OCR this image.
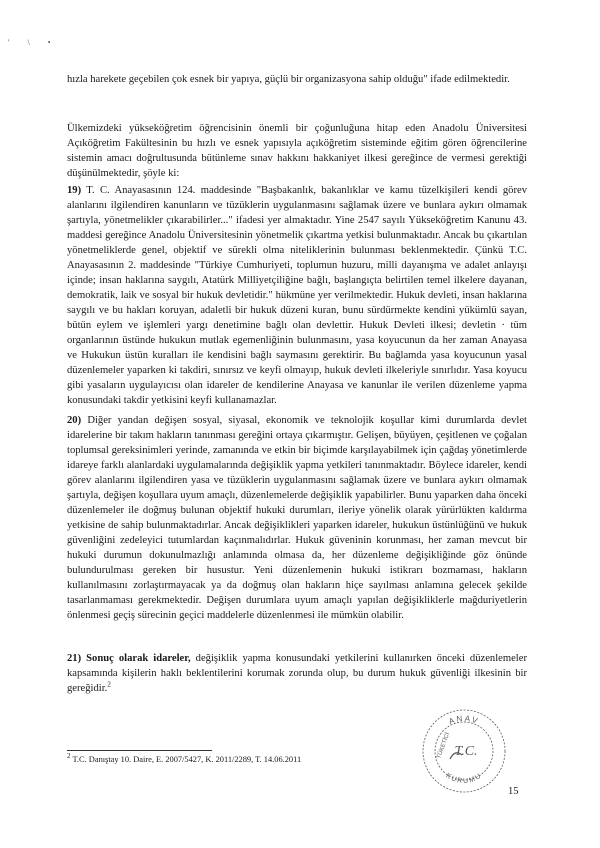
' \ •
hızla harekete geçebilen çok esnek bir yapıya, güçlü bir organizasyona sahip olduğu" ifade edilmektedir.
Ülkemizdeki yükseköğretim öğrencisinin önemli bir çoğunluğuna hitap eden Anadolu Üniversitesi Açıköğretim Fakültesinin bu hızlı ve esnek yapısıyla açıköğretim sisteminde eğitim gören öğrencilerine sistemin amacı doğrultusunda bütünleme sınav hakkını hakkaniyet ilkesi gereğince de vermesi gerektiği düşünülmektedir, şöyle ki:
19) T. C. Anayasasının 124. maddesinde "Başbakanlık, bakanlıklar ve kamu tüzelkişileri kendi görev alanlarını ilgilendiren kanunların ve tüzüklerin uygulanmasını sağlamak üzere ve bunlara aykırı olmamak şartıyla, yönetmelikler çıkarabilirler..." ifadesi yer almaktadır. Yine 2547 sayılı Yükseköğretim Kanunu 43. maddesi gereğince Anadolu Üniversitesinin yönetmelik çıkartma yetkisi bulunmaktadır. Ancak bu çıkartılan yönetmeliklerde genel, objektif ve sürekli olma niteliklerinin bulunması beklenmektedir. Çünkü T.C. Anayasasının 2. maddesinde "Türkiye Cumhuriyeti, toplumun huzuru, milli dayanışma ve adalet anlayışı içinde; insan haklarına saygılı, Atatürk Milliyetçiliğine bağlı, başlangıçta belirtilen temel ilkelere dayanan, demokratik, laik ve sosyal bir hukuk devletidir." hükmüne yer verilmektedir. Hukuk devleti, insan haklarına saygılı ve bu hakları koruyan, adaletli bir hukuk düzeni kuran, bunu sürdürmekte kendini yükümlü sayan, bütün eylem ve işlemleri yargı denetimine bağlı olan devlettir. Hukuk Devleti ilkesi; devletin · tüm organlarının üstünde hukukun mutlak egemenliğinin bulunmasını, yasa koyucunun da her zaman Anayasa ve Hukukun üstün kuralları ile kendisini bağlı saymasını gerektirir. Bu bağlamda yasa koyucunun yasal düzenlemeler yaparken ki takdiri, sınırsız ve keyfi olmayıp, hukuk devleti ilkeleriyle sınırlıdır. Yasa koyucu gibi yasaların uygulayıcısı olan idareler de kendilerine Anayasa ve kanunlar ile verilen düzenleme yapma konusundaki takdir yetkisini keyfi kullanamazlar.
20) Diğer yandan değişen sosyal, siyasal, ekonomik ve teknolojik koşullar kimi durumlarda devlet idarelerine bir takım hakların tanınması gereğini ortaya çıkarmıştır. Gelişen, büyüyen, çeşitlenen ve çoğalan toplumsal gereksinimleri yerinde, zamanında ve etkin bir biçimde karşılayabilmek için çağdaş yönetimlerde idareye farklı alanlardaki uygulamalarında değişiklik yapma yetkileri tanınmaktadır. Böylece idareler, kendi görev alanlarını ilgilendiren yasa ve tüzüklerin uygulanmasını sağlamak üzere ve bunlara aykırı olmamak şartıyla, değişen koşullara uyum amaçlı, düzenlemelerde değişiklik yapabilirler. Bunu yaparken daha önceki düzenlemeler ile doğmuş bulunan objektif hukuki durumları, ileriye yönelik olarak yürürlükten kaldırma yetkisine de sahip bulunmaktadırlar. Ancak değişiklikleri yaparken idareler, hukukun üstünlüğünü ve hukuk güvenliğini zedeleyici tutumlardan kaçınmalıdırlar. Hukuk güveninin korunması, her zaman mevcut bir hukuki durumun dokunulmazlığı anlamında olmasa da, her düzenleme değişikliğinde göz önünde bulundurulması gereken bir husustur. Yeni düzenlemenin hukuki istikrarı bozmaması, hakların kullanılmasını zorlaştırmayacak ya da doğmuş olan hakların hiçe sayılması anlamına gelecek şekilde tasarlanmaması gerekmektedir. Değişen durumlara uyum amaçlı yapılan değişikliklerle mağduriyetlerin önlenmesi geçiş sürecinin geçici maddelerle düzenlenmesi ile mümkün olabilir.
21) Sonuç olarak idareler, değişiklik yapma konusundaki yetkilerini kullanırken önceki düzenlemeler kapsamında kişilerin haklı beklentilerini korumak zorunda olup, bu durum hukuk güvenliği ilkesinin bir gereğidir.$^2$
$^2$ T.C. Danıştay 10. Daire, E. 2007/5427, K. 2011/2289, T. 14.06.2011
ANAV
KURUMU
TÜKETİCİ T.C.
15
